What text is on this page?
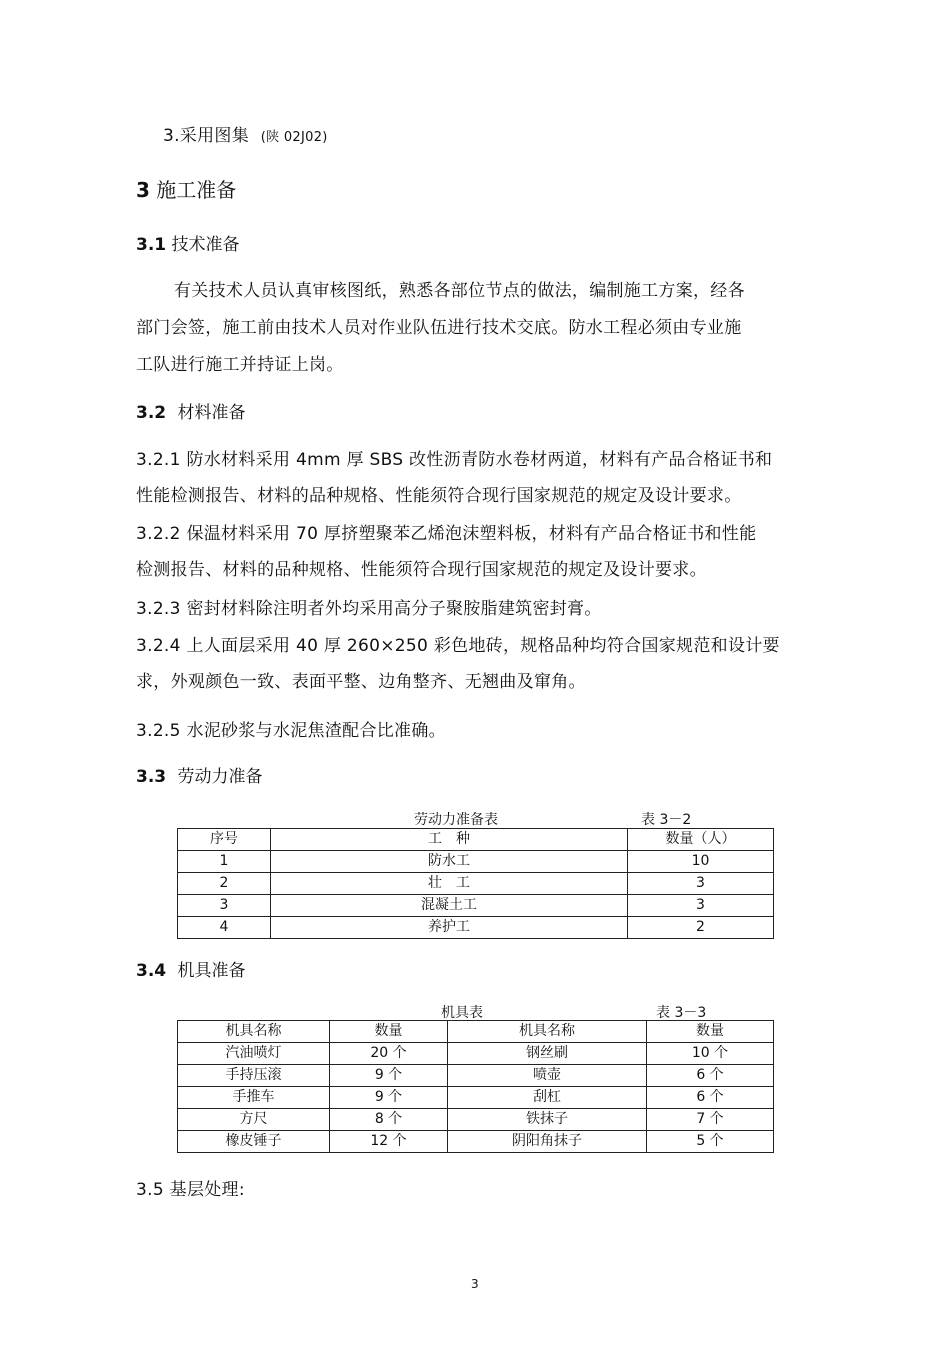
3.采用图集 (陕 02J02)
3 施工准备
3.1 技术准备
有关技术人员认真审核图纸，熟悉各部位节点的做法，编制施工方案，经各
部门会签，施工前由技术人员对作业队伍进行技术交底。防水工程必须由专业施
工队进行施工并持证上岗。
3.2 材料准备
3.2.1 防水材料采用 4mm 厚 SBS 改性沥青防水卷材两道，材料有产品合格证书和
性能检测报告、材料的品种规格、性能须符合现行国家规范的规定及设计要求。
3.2.2 保温材料采用 70 厚挤塑聚苯乙烯泡沫塑料板，材料有产品合格证书和性能
检测报告、材料的品种规格、性能须符合现行国家规范的规定及设计要求。
3.2.3 密封材料除注明者外均采用高分子聚胺脂建筑密封膏。
3.2.4 上人面层采用 40 厚 260×250 彩色地砖，规格品种均符合国家规范和设计要
求，外观颜色一致、表面平整、边角整齐、无翘曲及窜角。
3.2.5 水泥砂浆与水泥焦渣配合比准确。
3.3 劳动力准备
劳动力准备表	表 3－2
序号	工　种	数量（人）
1	防水工	10
2	壮　工	3
3	混凝土工	3
4	养护工	2
3.4 机具准备
机具表	表 3－3
机具名称	数量	机具名称	数量
汽油喷灯	20 个	钢丝刷	10 个
手持压滚	9 个	喷壶	6 个
手推车	9 个	刮杠	6 个
方尺	8 个	铁抹子	7 个
橡皮锤子	12 个	阴阳角抹子	5 个
3.5 基层处理:
3
